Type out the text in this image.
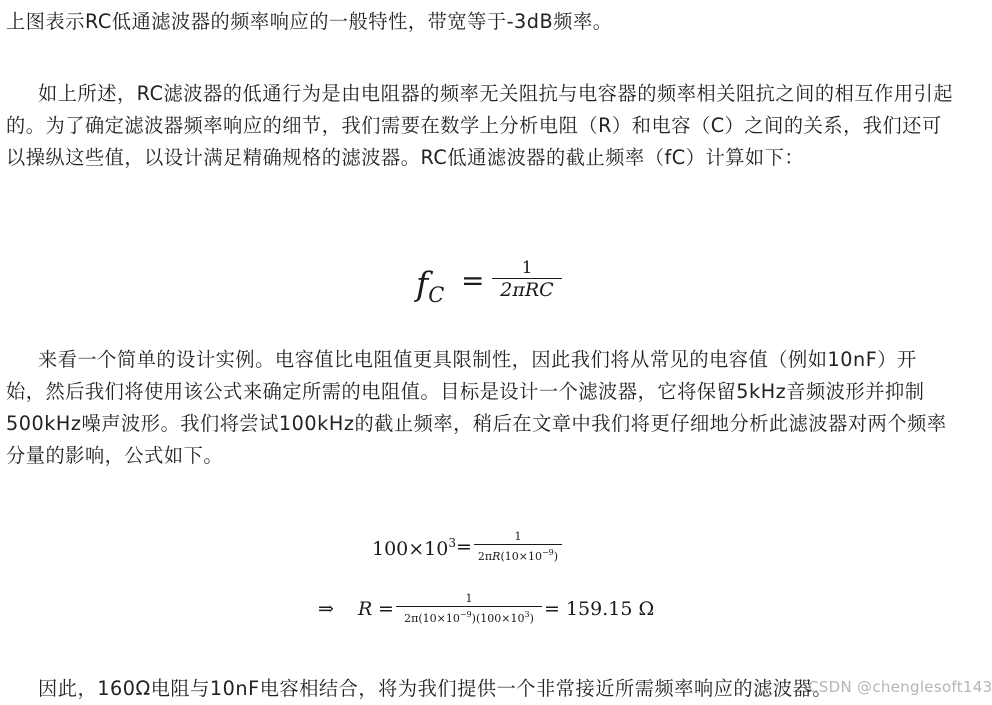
上图表示RC低通滤波器的频率响应的一般特性，带宽等于-3dB频率。

如上所述，RC滤波器的低通行为是由电阻器的频率无关阻抗与电容器的频率相关阻抗之间的相互作用引起的。为了确定滤波器频率响应的细节，我们需要在数学上分析电阻（R）和电容（C）之间的关系，我们还可以操纵这些值，以设计满足精确规格的滤波器。RC低通滤波器的截止频率（fC）计算如下：

$f_C$ =	1
2πRC

来看一个简单的设计实例。电容值比电阻值更具限制性，因此我们将从常见的电容值（例如10nF）开始，然后我们将使用该公式来确定所需的电阻值。目标是设计一个滤波器，它将保留5kHz音频波形并抑制500kHz噪声波形。我们将尝试100kHz的截止频率，稍后在文章中我们将更仔细地分析此滤波器对两个频率分量的影响，公式如下。

$100\times 10^3$ =	1
$2\pi R(10\times 10^{-9})$
⇒ R =	1
$2\pi(10\times 10^{-9})(100\times 10^3) = 159.15$ Ω

因此，160Ω电阻与10nF电容相结合，将为我们提供一个非常接近所需频率响应的滤波器。

CSDN @chenglesoft143
